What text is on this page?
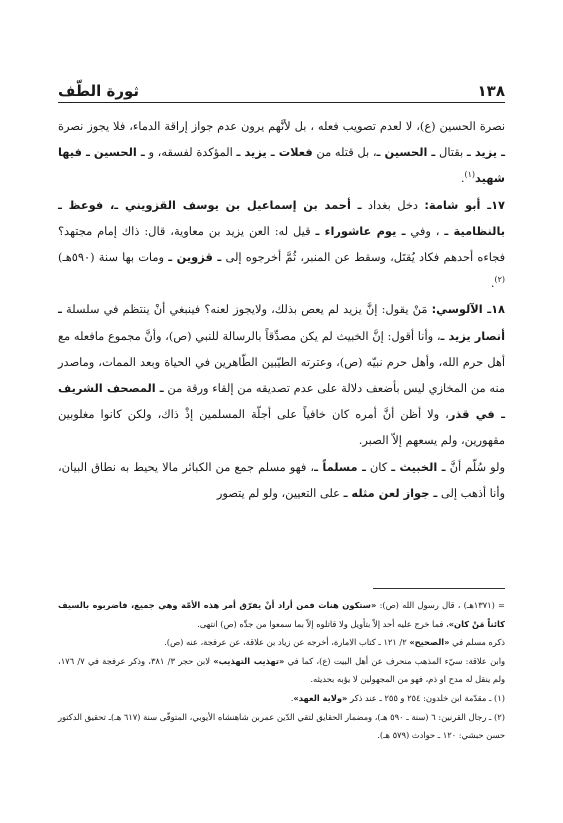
ثورة الطّف	١٣٨

نصرة الحسين (ع)، لا لعدم تصويب فعله ، بل لأنَّهم يرون عدم جواز إراقة الدماء، فلا يجوز نصرة ـ يزيد ـ بقتال ـ الحسين ـ، بل قتله من فعلات ـ يزيد ـ المؤكدة لفسقه، و ـ الحسين ـ فيها شهيد$^{(١)}$.

١٧ـ أبو شامة: دخل بغداد ـ أحمد بن إسماعيل بن يوسف القزويني ـ، فوعظ ـ بالنظامية ـ ، وفي ـ يوم عاشوراء ـ قيل له: العن يزيد بن معاوية، قال: ذاك إمام مجتهد؟ فجاءه أحدهم فكاد يُقتَل، وسقط عن المنبر، ثُمَّ أخرجوه إلى ـ قزوين ـ ومات بها سنة (٥٩٠هـ)$^{(٢)}$.

١٨ـ الآلوسي: مَنْ يقول: إنَّ يزيد لم يعص بذلك، ولايجوز لعنه؟ فينبغي أنْ ينتظم في سلسلة ـ أنصار يزيد ـ، وأنا أقول: إنَّ الخبيث لم يكن مصدِّقاً بالرسالة للنبي (ص)، وأنَّ مجموع مافعله مع أهل حرم الله، وأهل حرم نبيّه (ص)، وعترته الطيّبين الطّاهرين في الحياة وبعد الممات، وماصدر منه من المخازي ليس بأضعف دلالة على عدم تصديقه من إلقاء ورقة من ـ المصحف الشريف ـ في قذر، ولا أظن أنَّ أمره كان خافياً على أجلّة المسلمين إذْ ذاك، ولكن كانوا مغلوبين مقهورين، ولم يسعهم إلاّ الصبر.

ولو سُلّم أنَّ ـ الخبيث ـ كان ـ مسلماً ـ، فهو مسلم جمع من الكبائر مالا يحيط به نطاق البيان، وأنا أذهب إلى ـ جواز لعن مثله ـ على التعيين، ولو لم يتصور

= (١٣٧١هـ) ، قال رسول الله (ص): «ستكون هنات فمن أراد أنْ يفرّق أمر هذه الأمّة وهي جميع، فاضربوه بالسيف كائناً مَنْ كان»، فما خرج عليه أحد إلاّ بتأويل ولا قاتلوه إلاّ بما سمعوا من جدِّه (ص) انتهى.

ذكره مسلم في «الصحيح» ٢/ ١٢١ ـ كتاب الامارة، أخرجه عن زياد بن علاقة، عن عرفجة، عنه (ص).

وابن علاقة: سيّء المذهب منحرف عن أهل البيت (ع)، كما في «تهذيب التهذيب» لابن حجر ٣/ ٣٨١، وذكر عرفجة في ٧/ ١٧٦، ولم ينقل له مدح او ذم، فهو من المجهولين لا يؤبه بحديثه.

(١) ـ مقدّمة ابن خلدون: ٢٥٤ و ٢٥٥ ـ عند ذكر «ولاية العهد».

(٢) ـ رجال القرنين: ٦ (سنة ـ ٥٩٠ هـ)، ومضمار الحقايق لتقي الدّين عمربن شاهنشاه الأيوبي، المتوفّى سنة (٦١٧ هـ)ـ تحقيق الدكتور حسن حبشي: ١٢٠ ـ حوادث (٥٧٩ هـ).
